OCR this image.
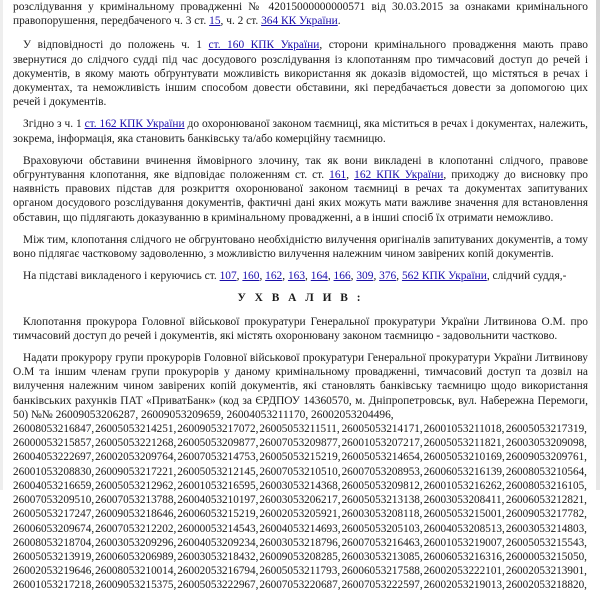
розслідування у кримінальному провадженні № 42015000000000571 від 30.03.2015 за ознаками кримінального правопорушення, передбаченого ч. 3 ст. 15, ч. 2 ст. 364 КК України.

У відповідності до положень ч. 1 ст. 160 КПК України, сторони кримінального провадження мають право звернутися до слідчого судді під час досудового розслідування із клопотанням про тимчасовий доступ до речей і документів, в якому мають обґрунтувати можливість використання як доказів відомостей, що містяться в речах і документах, та неможливість іншим способом довести обставини, які передбачається довести за допомогою цих речей і документів.

Згідно з ч. 1 ст. 162 КПК України до охоронюваної законом таємниці, яка міститься в речах і документах, належить, зокрема, інформація, яка становить банківську та/або комерційну таємницю.

Враховуючи обставини вчинення ймовірного злочину, так як вони викладені в клопотанні слідчого, правове обгрунтування клопотання, яке відповідає положенням ст. ст. 161, 162 КПК України, приходжу до висновку про наявність правових підстав для розкриття охоронюваної законом таємниці в речах та документах запитуваних органом досудового розслідування документів, фактичні дані яких можуть мати важливе значення для встановлення обставин, що підлягають доказуванню в кримінальному провадженні, а в іншиі спосіб їх отримати неможливо.

Між тим, клопотання слідчого не обгрунтовано необхідністю вилучення оригіналів запитуваних документів, а тому воно підлягає частковому задоволенню, з можливістю вилучення належним чином завірених копій документів.

На підставі викладеного і керуючись ст. 107, 160, 162, 163, 164, 166, 309, 376, 562 КПК України, слідчий суддя,-

У Х В А Л И В :

Клопотання прокурора Головної військової прокуратури Генеральної прокуратури України Литвинова О.М. про тимчасовий доступ до речей і документів, які містять охоронювану законом таємницю - задовольнити частково.

Надати прокурору групи прокурорів Головної військової прокуратури Генеральної прокуратури України Литвинову О.М та іншим членам групи прокурорів у даному кримінальному провадженні, тимчасовий доступ та дозвіл на вилучення належним чином завірених копій документів, які становлять банківську таємницю щодо використання банківських рахунків ПАТ «ПриватБанк» (код за ЄРДПОУ 14360570, м. Дніпропетровськ, вул. Набережна Перемоги, 50) №№ 26009053206287, 26009053209659, 26004053211170, 26002053204496,

26008053216847, 26005053214251, 26009053217072, 26005053211511, 26005053214171, 26001053211018, 26005053217319,
26000053215857, 26005053221268, 26005053209877, 26007053209877, 26001053207217, 26005053211821, 26003053209098,
26004053222697, 26002053209764, 26007053214753, 26005053215219, 26005053214654, 26005053210169, 26009053209761,
26001053208830, 26009053217221, 26005053212145, 26007053210510, 26007053208953, 26006053216139, 26008053210564,
26004053216659, 26005053212962, 26001053216595, 26003053214368, 26005053209812, 26001053216262, 26008053216105,
26007053209510, 26007053213788, 26004053210197, 26003053206217, 26005053213138, 26003053208411, 26006053212821,
26005053217247, 26009053218646, 26006053215219, 26002053205921, 26003053208118, 26005053215001, 26009053217782,
26006053209674, 26007053212202, 26000053214543, 26004053214693, 26005053205103, 26004053208513, 26003053214803,
26008053218704, 26003053209296, 26004053209234, 26003053218796, 26007053216463, 26001053219007, 26005053215543,
26005053213919, 26006053206989, 26003053218432, 26009053208285, 26003053213085, 26006053216316, 26000053215050,
26002053219646, 26008053210014, 26002053216794, 26005053211793, 26006053217588, 26002053222101, 26002053213901,
26001053217218, 26009053215375, 26005053222967, 26007053220687, 26007053222597, 26002053219013, 26002053218820,
